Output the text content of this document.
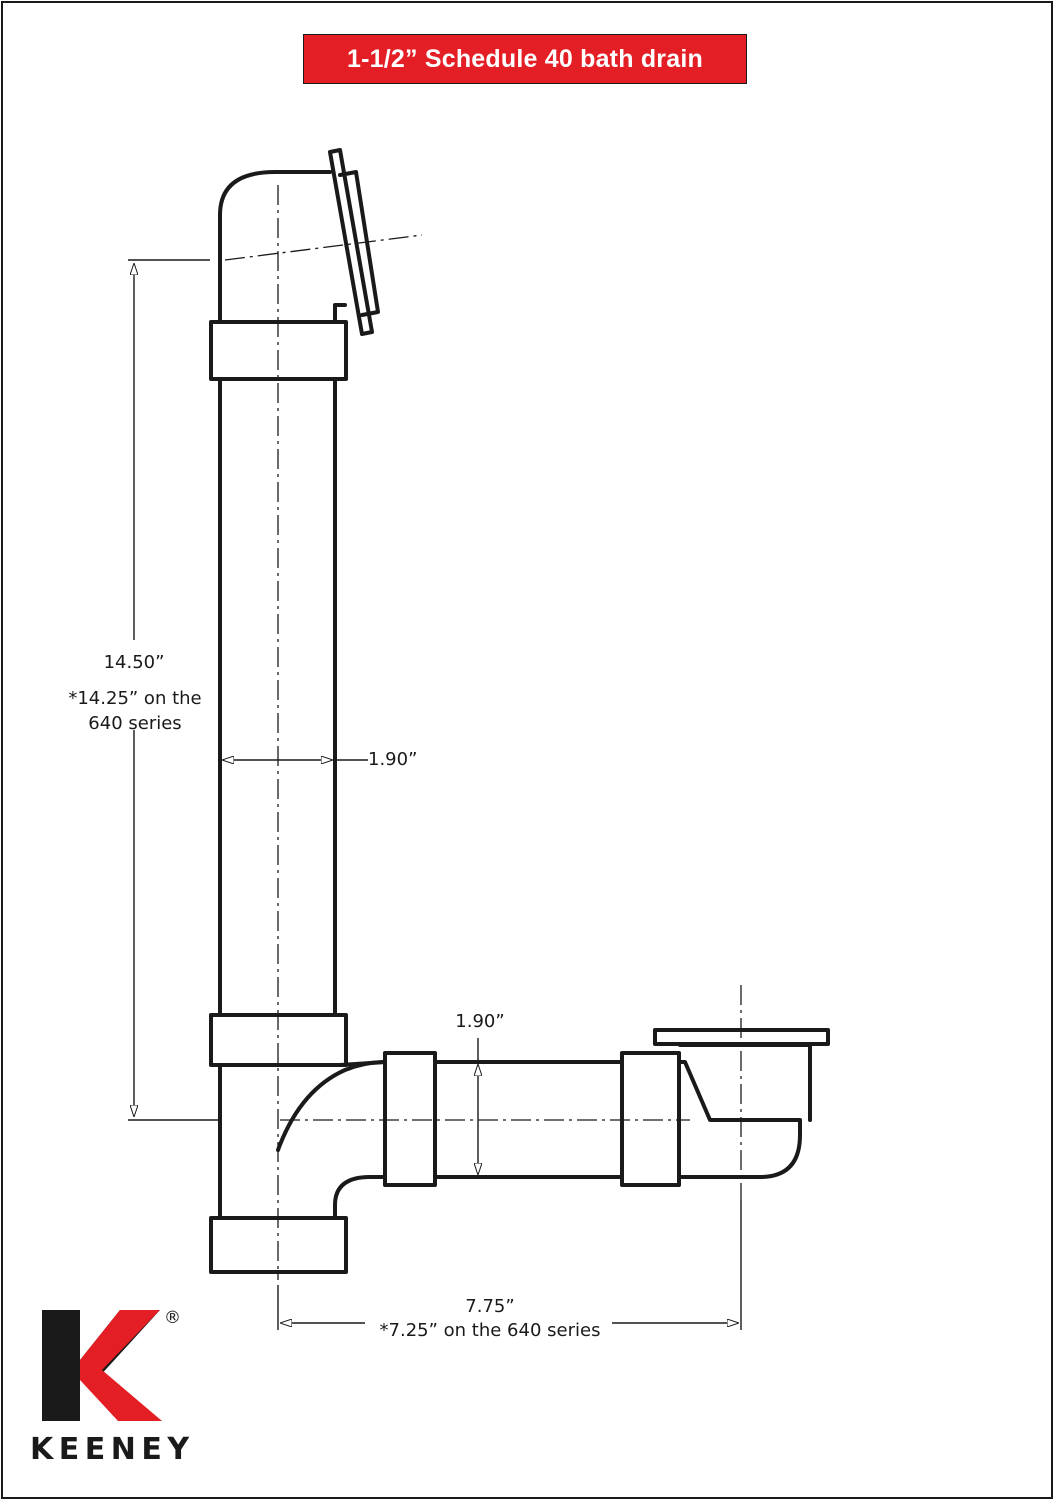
1-1/2” Schedule 40 bath drain
14.50”
*14.25” on the
640 series
1.90”
1.90”
7.75”
*7.25” on the 640 series
®
KEENEY
